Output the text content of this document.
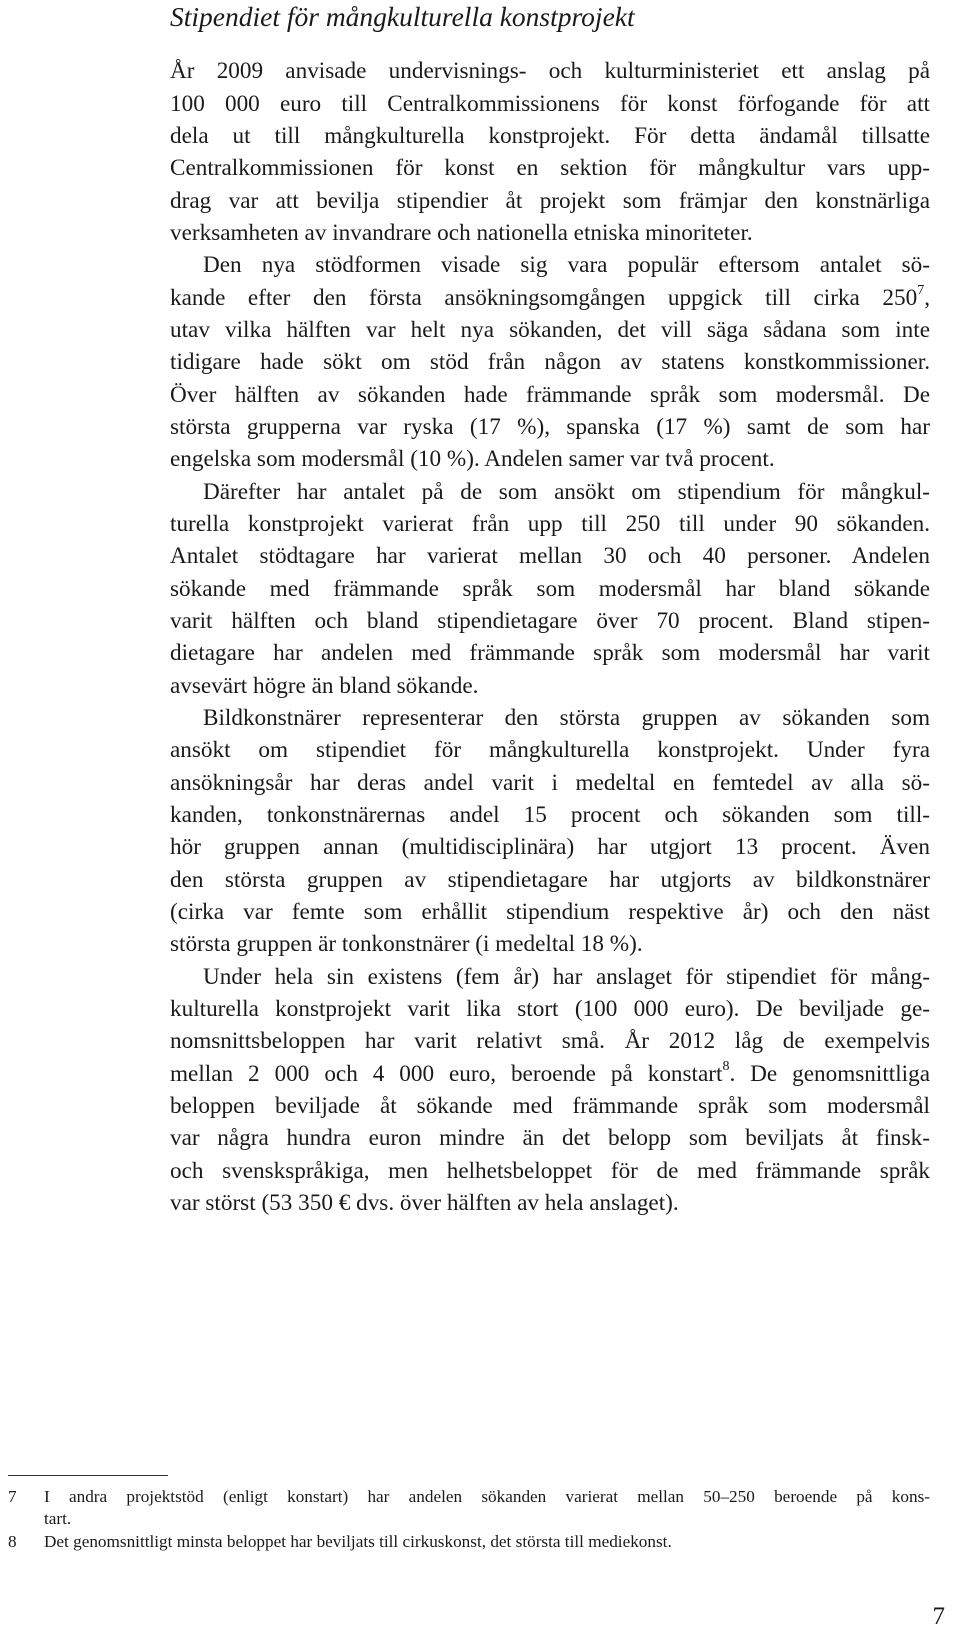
Stipendiet för mångkulturella konstprojekt
År 2009 anvisade undervisnings- och kulturministeriet ett anslag på
100 000 euro till Centralkommissionens för konst förfogande för att
dela ut till mångkulturella konstprojekt. För detta ändamål tillsatte
Centralkommissionen för konst en sektion för mångkultur vars upp-
drag var att bevilja stipendier åt projekt som främjar den konstnärliga
verksamheten av invandrare och nationella etniska minoriteter.
Den nya stödformen visade sig vara populär eftersom antalet sö-
kande efter den första ansökningsomgången uppgick till cirka $250^7$,
utav vilka hälften var helt nya sökanden, det vill säga sådana som inte
tidigare hade sökt om stöd från någon av statens konstkommissioner.
Över hälften av sökanden hade främmande språk som modersmål. De
största grupperna var ryska (17 %), spanska (17 %) samt de som har
engelska som modersmål (10 %). Andelen samer var två procent.
Därefter har antalet på de som ansökt om stipendium för mångkul-
turella konstprojekt varierat från upp till 250 till under 90 sökanden.
Antalet stödtagare har varierat mellan 30 och 40 personer. Andelen
sökande med främmande språk som modersmål har bland sökande
varit hälften och bland stipendietagare över 70 procent. Bland stipen-
dietagare har andelen med främmande språk som modersmål har varit
avsevärt högre än bland sökande.
Bildkonstnärer representerar den största gruppen av sökanden som
ansökt om stipendiet för mångkulturella konstprojekt. Under fyra
ansökningsår har deras andel varit i medeltal en femtedel av alla sö-
kanden, tonkonstnärernas andel 15 procent och sökanden som till-
hör gruppen annan (multidisciplinära) har utgjort 13 procent. Även
den största gruppen av stipendietagare har utgjorts av bildkonstnärer
(cirka var femte som erhållit stipendium respektive år) och den näst
största gruppen är tonkonstnärer (i medeltal 18 %).
Under hela sin existens (fem år) har anslaget för stipendiet för mång-
kulturella konstprojekt varit lika stort (100 000 euro). De beviljade ge-
nomsnittsbeloppen har varit relativt små. År 2012 låg de exempelvis
mellan 2 000 och 4 000 euro, beroende på konstart$^8$. De genomsnittliga
beloppen beviljade åt sökande med främmande språk som modersmål
var några hundra euron mindre än det belopp som beviljats åt finsk-
och svenskspråkiga, men helhetsbeloppet för de med främmande språk
var störst (53 350 € dvs. över hälften av hela anslaget).
7 I andra projektstöd (enligt konstart) har andelen sökanden varierat mellan 50–250 beroende på kons-
tart.
8 Det genomsnittligt minsta beloppet har beviljats till cirkuskonst, det största till mediekonst.
7
